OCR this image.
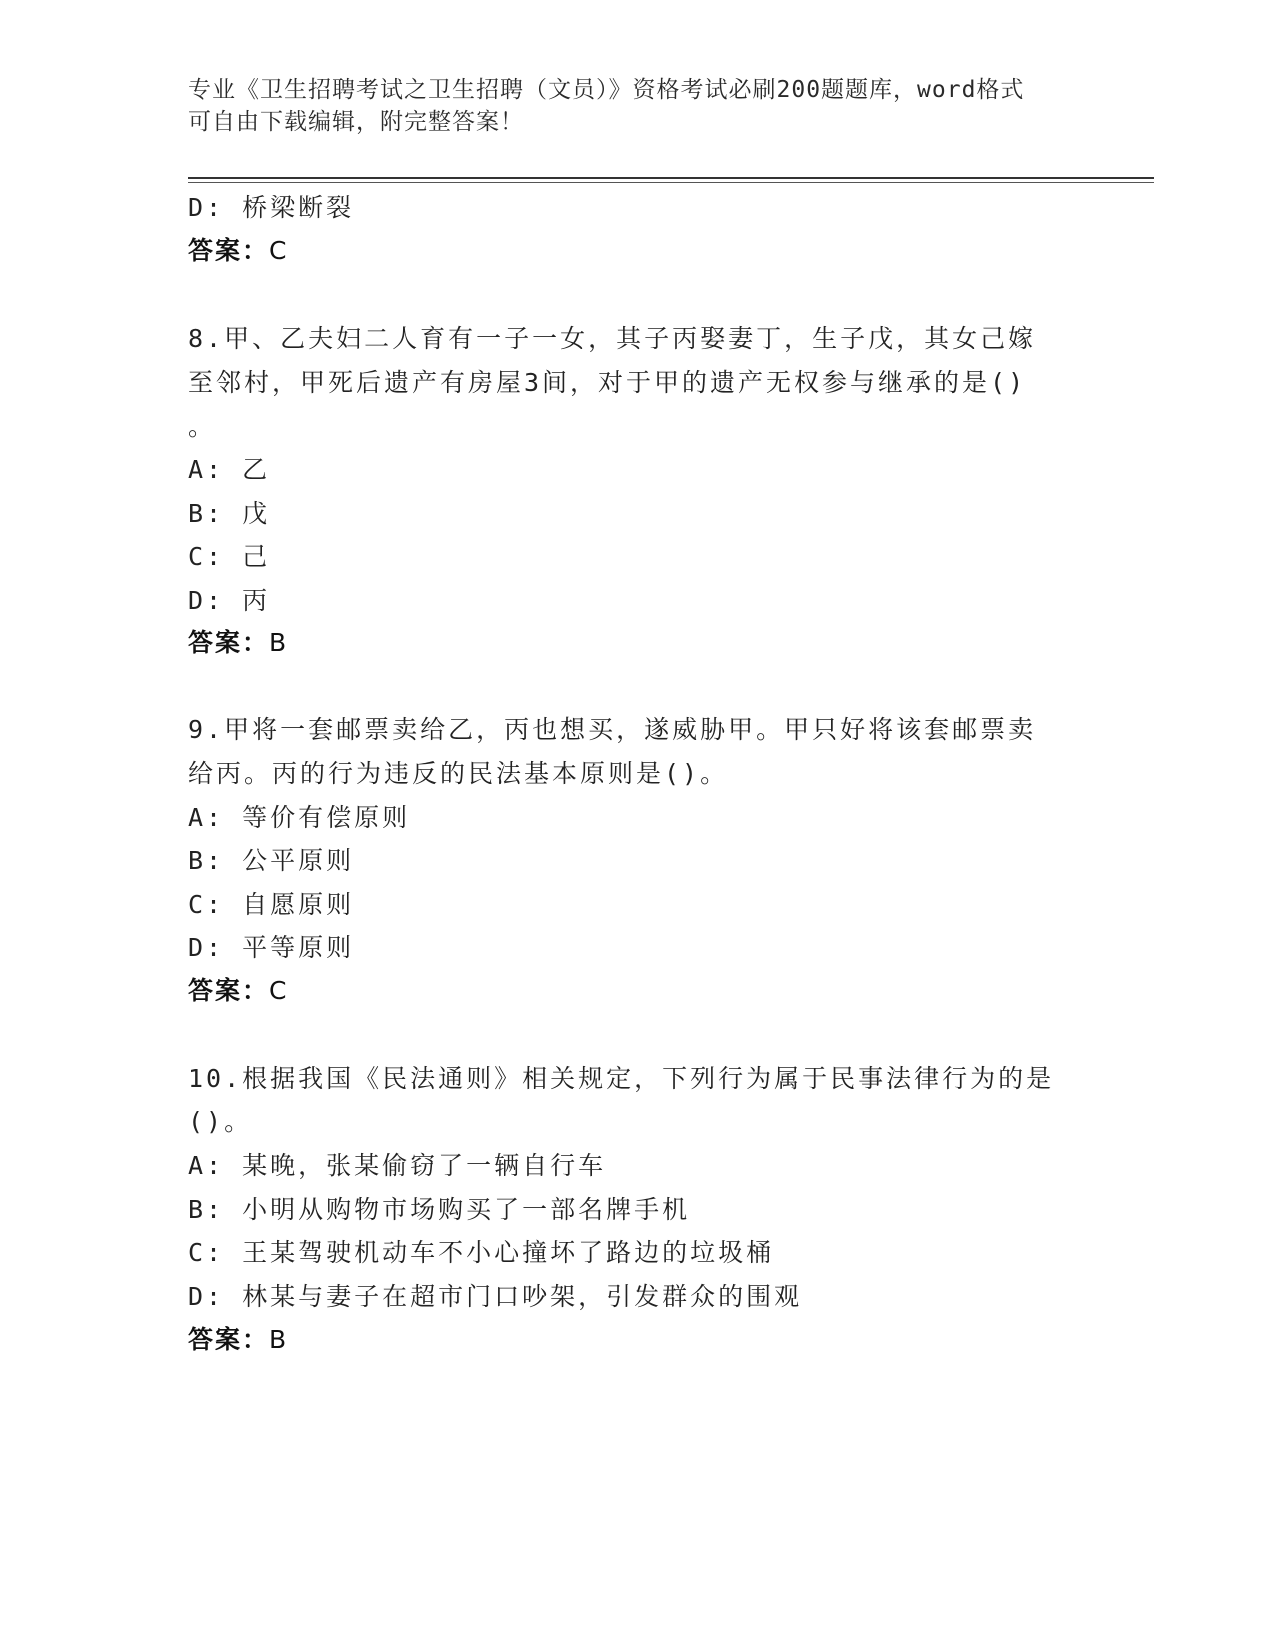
专业《卫生招聘考试之卫生招聘（文员）》资格考试必刷200题题库，word格式
可自由下载编辑，附完整答案！
D: 桥梁断裂
答案：C
8.甲、乙夫妇二人育有一子一女，其子丙娶妻丁，生子戊，其女己嫁
至邻村，甲死后遗产有房屋3间，对于甲的遗产无权参与继承的是()
。
A: 乙
B: 戊
C: 己
D: 丙
答案：B
9.甲将一套邮票卖给乙，丙也想买，遂威胁甲。甲只好将该套邮票卖
给丙。丙的行为违反的民法基本原则是()。
A: 等价有偿原则
B: 公平原则
C: 自愿原则
D: 平等原则
答案：C
10.根据我国《民法通则》相关规定，下列行为属于民事法律行为的是
()。
A: 某晚，张某偷窃了一辆自行车
B: 小明从购物市场购买了一部名牌手机
C: 王某驾驶机动车不小心撞坏了路边的垃圾桶
D: 林某与妻子在超市门口吵架，引发群众的围观
答案：B
